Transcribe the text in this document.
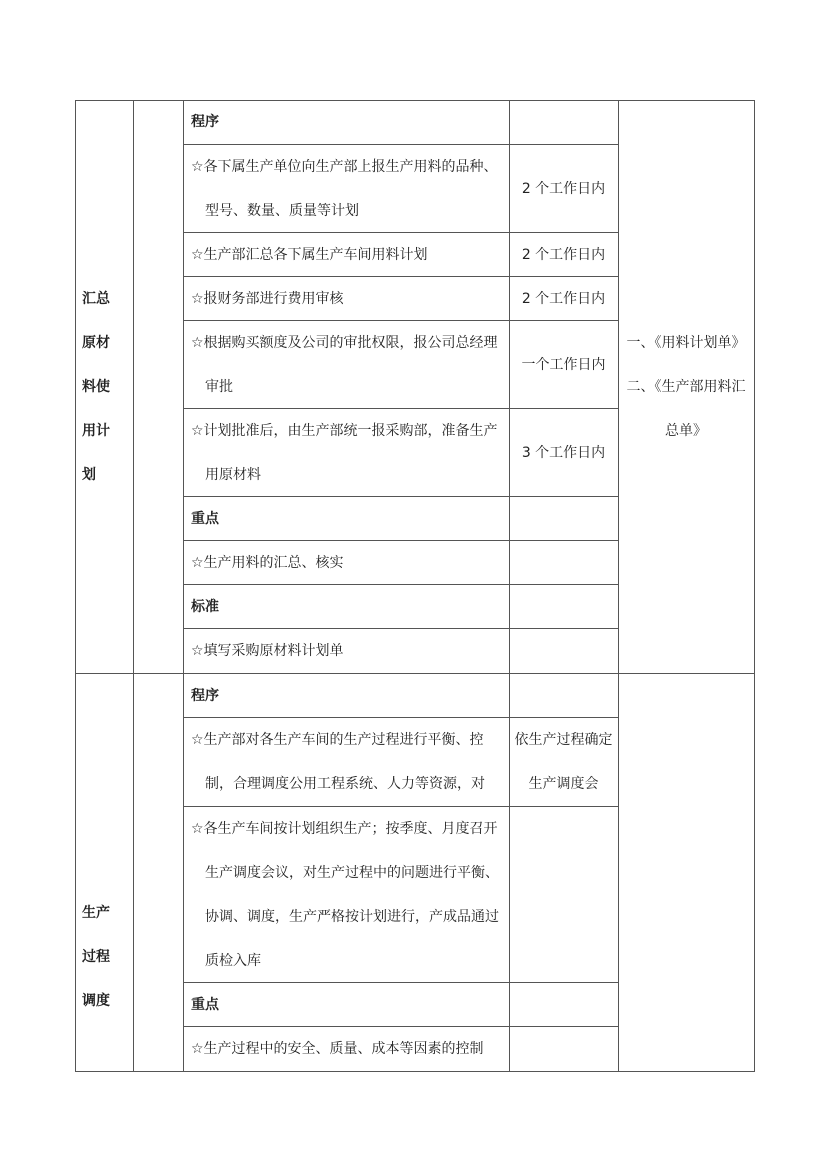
汇总
原材
料使
用计
划
程序
☆各下属生产单位向生产部上报生产用料的品种、型号、数量、质量等计划
2 个工作日内
☆生产部汇总各下属生产车间用料计划	2 个工作日内
☆报财务部进行费用审核	2 个工作日内
☆根据购买额度及公司的审批权限，报公司总经理审批
一个工作日内
☆计划批准后，由生产部统一报采购部，准备生产用原材料
3 个工作日内
重点
☆生产用料的汇总、核实
标准
☆填写采购原材料计划单
一、《用料计划单》
二、《生产部用料汇
总单》
生产
过程
调度
程序
☆生产部对各生产车间的生产过程进行平衡、控制，合理调度公用工程系统、人力等资源，对
依生产过程确定生产调度会
☆各生产车间按计划组织生产；按季度、月度召开生产调度会议，对生产过程中的问题进行平衡、协调、调度，生产严格按计划进行，产成品通过质检入库
重点
☆生产过程中的安全、质量、成本等因素的控制
